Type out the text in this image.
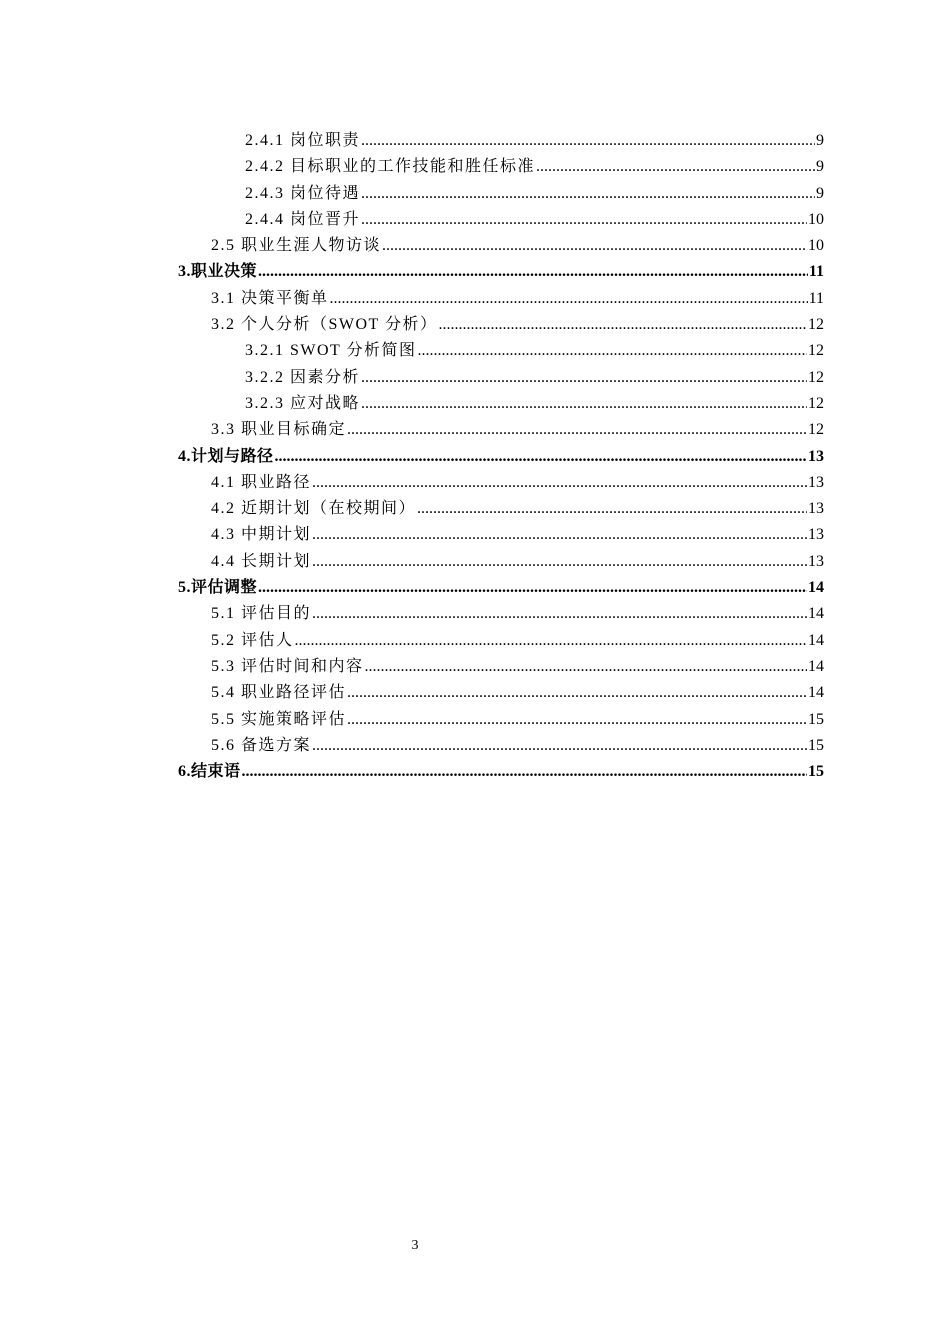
2.4.1 岗位职责 .....	9
2.4.2 目标职业的工作技能和胜任标准 .....	9
2.4.3 岗位待遇 .....	9
2.4.4 岗位晋升 .....	10
2.5 职业生涯人物访谈 .....	10
3.职业决策 .....	11
3.1 决策平衡单 .....	11
3.2 个人分析（SWOT 分析） .....	12
3.2.1 SWOT 分析简图 .....	12
3.2.2 因素分析 .....	12
3.2.3 应对战略 .....	12
3.3 职业目标确定 .....	12
4.计划与路径 .....	13
4.1 职业路径 .....	13
4.2 近期计划（在校期间） .....	13
4.3 中期计划 .....	13
4.4 长期计划 .....	13
5.评估调整 .....	14
5.1 评估目的 .....	14
5.2 评估人 .....	14
5.3 评估时间和内容 .....	14
5.4 职业路径评估 .....	14
5.5 实施策略评估 .....	15
5.6 备选方案 .....	15
6.结束语 .....	15
3
